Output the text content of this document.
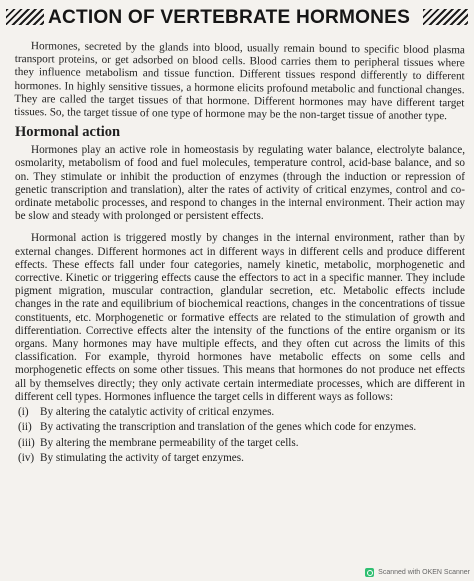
ACTION OF VERTEBRATE HORMONES

Hormones, secreted by the glands into blood, usually remain bound to specific blood plasma transport proteins, or get adsorbed on blood cells. Blood carries them to peripheral tissues where they influence metabolism and tissue function. Different tissues respond differently to different hormones. In highly sensitive tissues, a hormone elicits profound metabolic and functional changes. They are called the target tissues of that hormone. Different hormones may have different target tissues. So, the target tissue of one type of hormone may be the non-target tissue of another type.

Hormonal action

Hormones play an active role in homeostasis by regulating water balance, electrolyte balance, osmolarity, metabolism of food and fuel molecules, temperature control, acid-base balance, and so on. They stimulate or inhibit the production of enzymes (through the induction or repression of genetic transcription and translation), alter the rates of activity of critical enzymes, control and co-ordinate metabolic processes, and respond to changes in the internal environment. Their action may be slow and steady with prolonged or persistent effects.

Hormonal action is triggered mostly by changes in the internal environment, rather than by external changes. Different hormones act in different ways in different cells and produce different effects. These effects fall under four categories, namely kinetic, metabolic, morphogenetic and corrective. Kinetic or triggering effects cause the effectors to act in a specific manner. They include pigment migration, muscular contraction, glandular secretion, etc. Metabolic effects include changes in the rate and equilibrium of biochemical reactions, changes in the concentrations of tissue constituents, etc. Morphogenetic or formative effects are related to the stimulation of growth and differentiation. Corrective effects alter the intensity of the functions of the entire organism or its organs. Many hormones may have multiple effects, and they often cut across the limits of this classification. For example, thyroid hormones have metabolic effects on some cells and morphogenetic effects on some other tissues. This means that hormones do not produce net effects all by themselves directly; they only activate certain intermediate processes, which are different in different cell types. Hormones influence the target cells in different ways as follows:

(i) By altering the catalytic activity of critical enzymes.
(ii) By activating the transcription and translation of the genes which code for enzymes.
(iii) By altering the membrane permeability of the target cells.
(iv) By stimulating the activity of target enzymes.
Scanned with OKEN Scanner
